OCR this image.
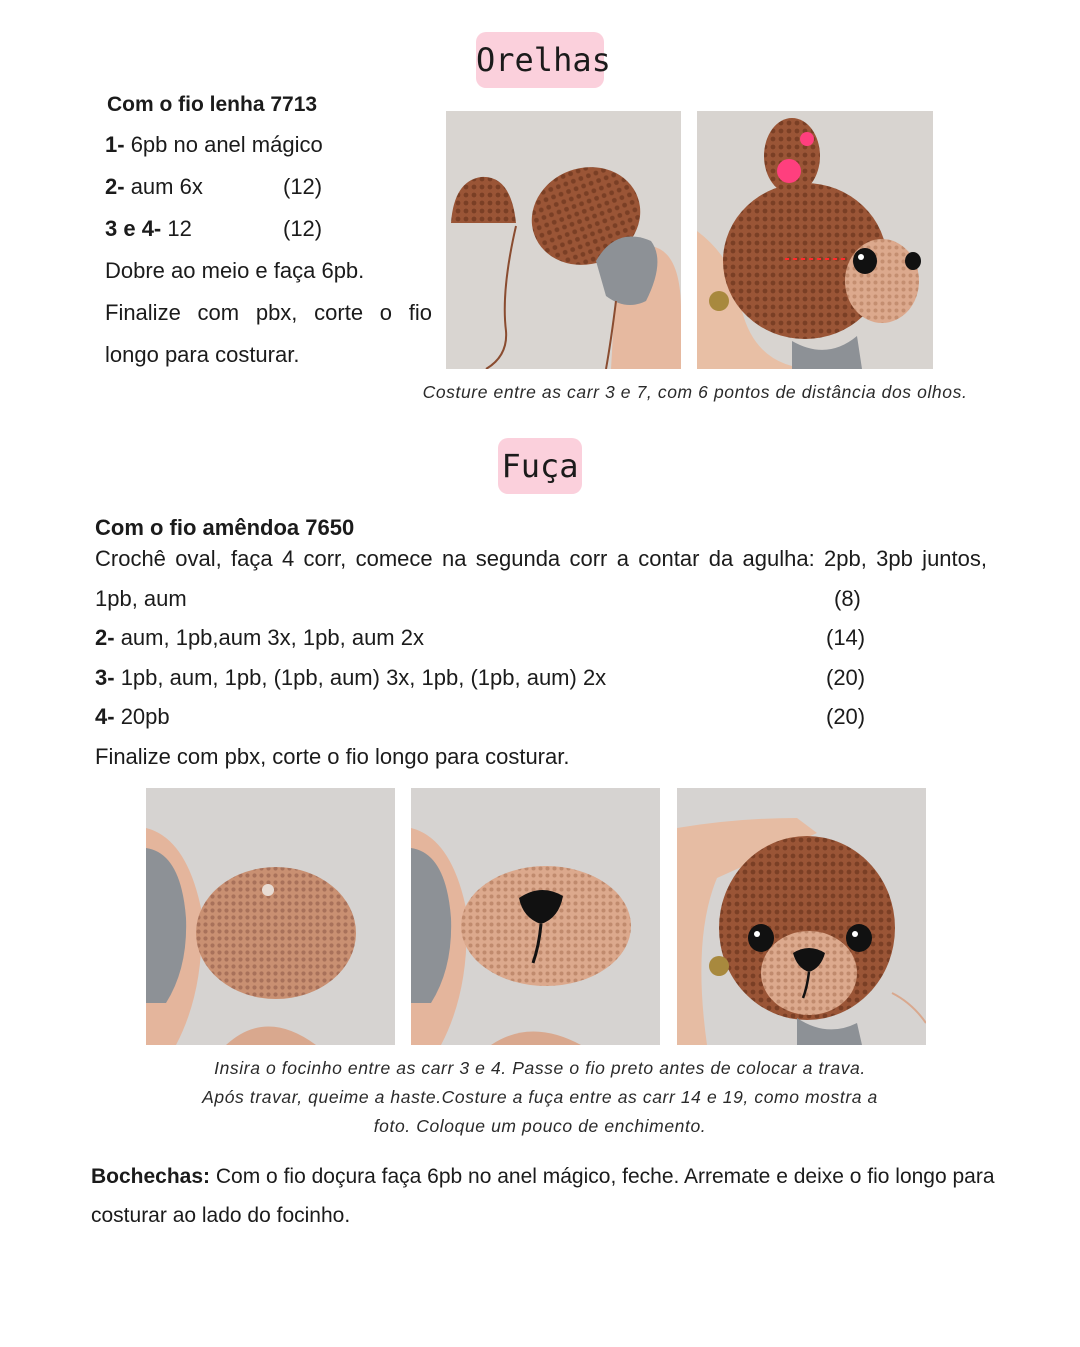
Orelhas
Com o fio lenha 7713
1- 6pb no anel mágico
2- aum 6x	(12)
3 e 4- 12	(12)
Dobre ao meio e faça 6pb.
Finalize com pbx, corte o fio
longo para costurar.
Costure entre as carr 3 e 7, com 6 pontos de distância dos olhos.
Fuça
Com o fio amêndoa 7650
Crochê oval, faça 4 corr, comece na segunda corr a contar da agulha: 2pb, 3pb juntos,
1pb, aum	(8)
2- aum, 1pb,aum 3x, 1pb, aum 2x	(14)
3- 1pb, aum, 1pb, (1pb, aum) 3x, 1pb, (1pb, aum) 2x	(20)
4- 20pb	(20)
Finalize com pbx, corte o fio longo para costurar.
Insira o focinho entre as carr 3 e 4. Passe o fio preto antes de colocar a trava.
Após travar, queime a haste.Costure a fuça entre as carr 14 e 19, como mostra a
foto. Coloque um pouco de enchimento.
Bochechas: Com o fio doçura faça 6pb no anel mágico, feche. Arremate e deixe o fio longo para
costurar ao lado do focinho.
